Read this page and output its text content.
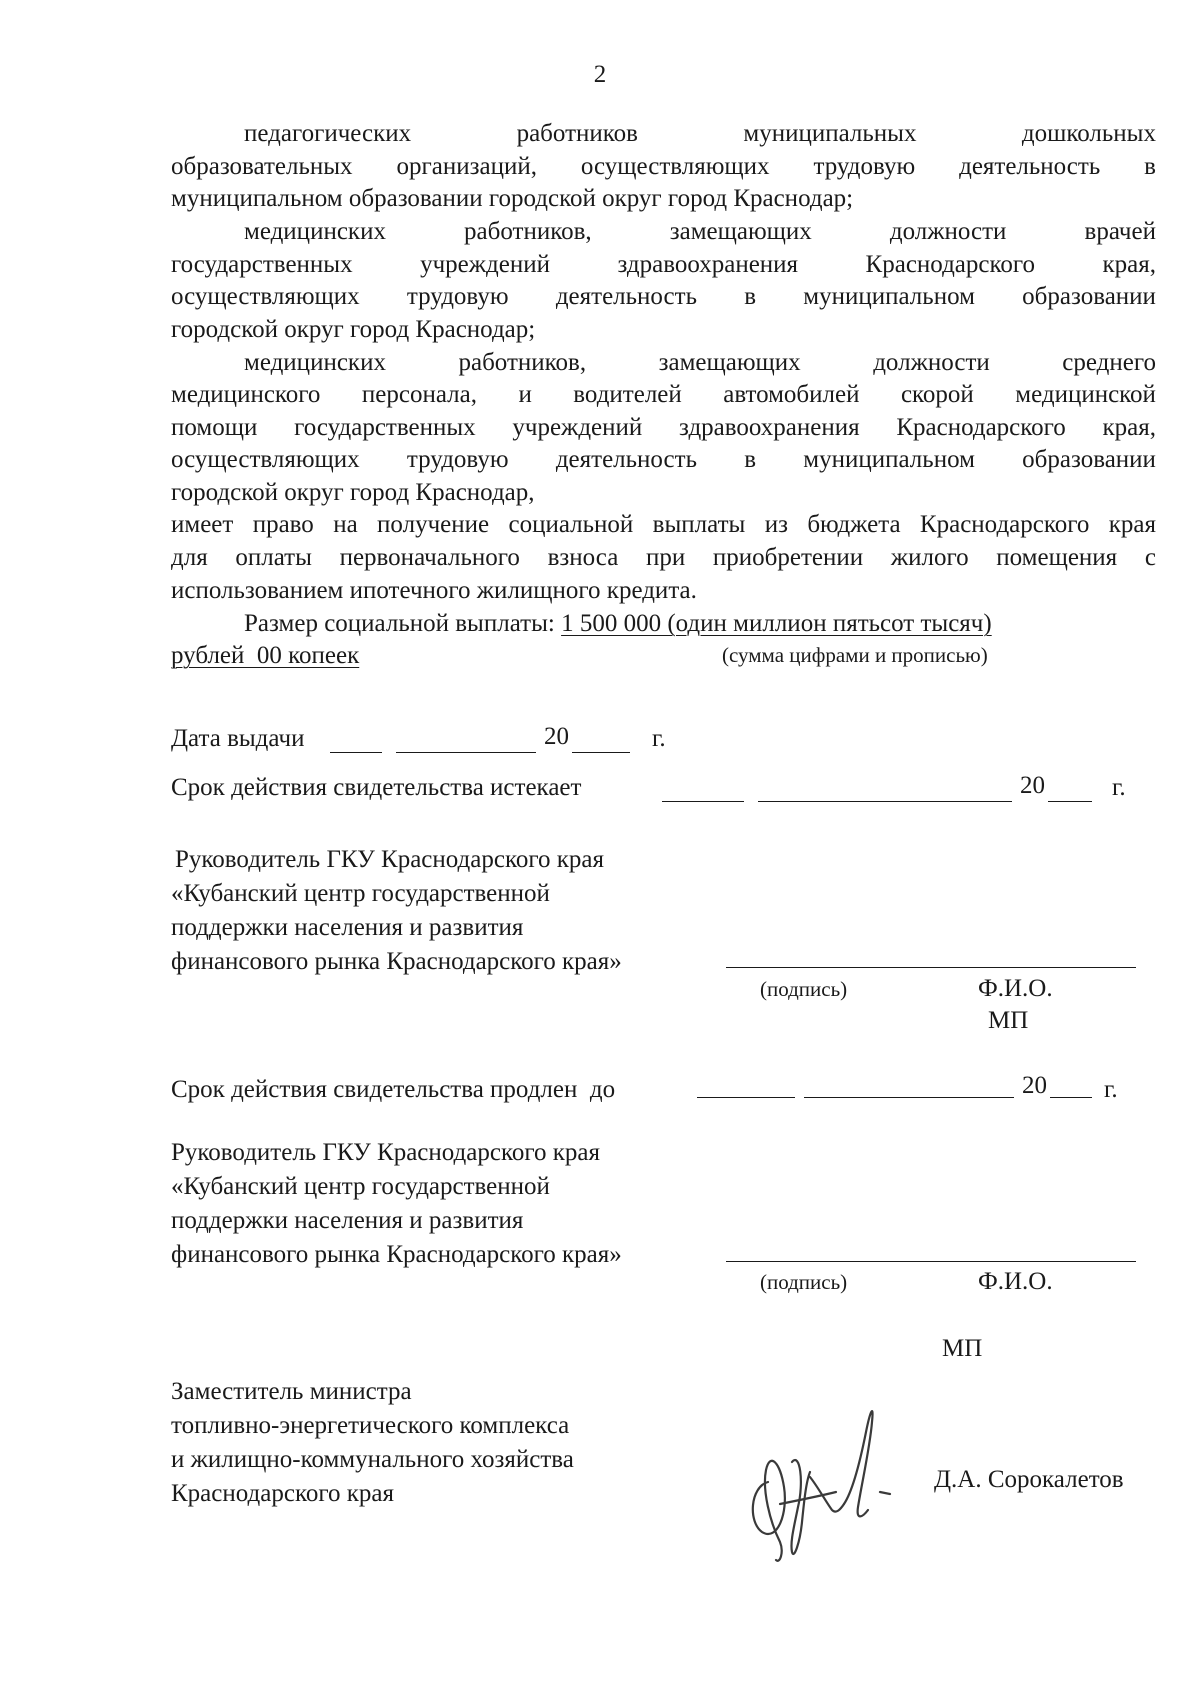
2
педагогических	работников	муниципальных	дошкольных
образовательных организаций, осуществляющих трудовую деятельность в
муниципальном образовании городской округ город Краснодар;
медицинских	работников,	замещающих	должности	врачей
государственных	учреждений	здравоохранения	Краснодарского	края,
осуществляющих трудовую деятельность в муниципальном образовании
городской округ город Краснодар;
медицинских	работников,	замещающих	должности	среднего
медицинского персонала, и водителей автомобилей скорой медицинской
помощи государственных учреждений здравоохранения Краснодарского края,
осуществляющих трудовую деятельность в муниципальном образовании
городской округ город Краснодар,
имеет право на получение социальной выплаты из бюджета Краснодарского края
для оплаты первоначального взноса при приобретении жилого помещения с
использованием ипотечного жилищного кредита.
Размер социальной выплаты: 1 500 000 (один миллион пятьсот тысяч)
рублей  00 копеек	(сумма цифрами и прописью)
Дата выдачи	20	г.
Срок действия свидетельства истекает	20	г.
Руководитель ГКУ Краснодарского края
«Кубанский центр государственной
поддержки населения и развития
финансового рынка Краснодарского края»
(подпись)	Ф.И.О.
МП
Срок действия свидетельства продлен  до	20 г.
Руководитель ГКУ Краснодарского края
«Кубанский центр государственной
поддержки населения и развития
финансового рынка Краснодарского края»
(подпись)	Ф.И.О.
МП
Заместитель министра
топливно-энергетического комплекса
и жилищно-коммунального хозяйства
Краснодарского края
Д.А. Сорокалетов
